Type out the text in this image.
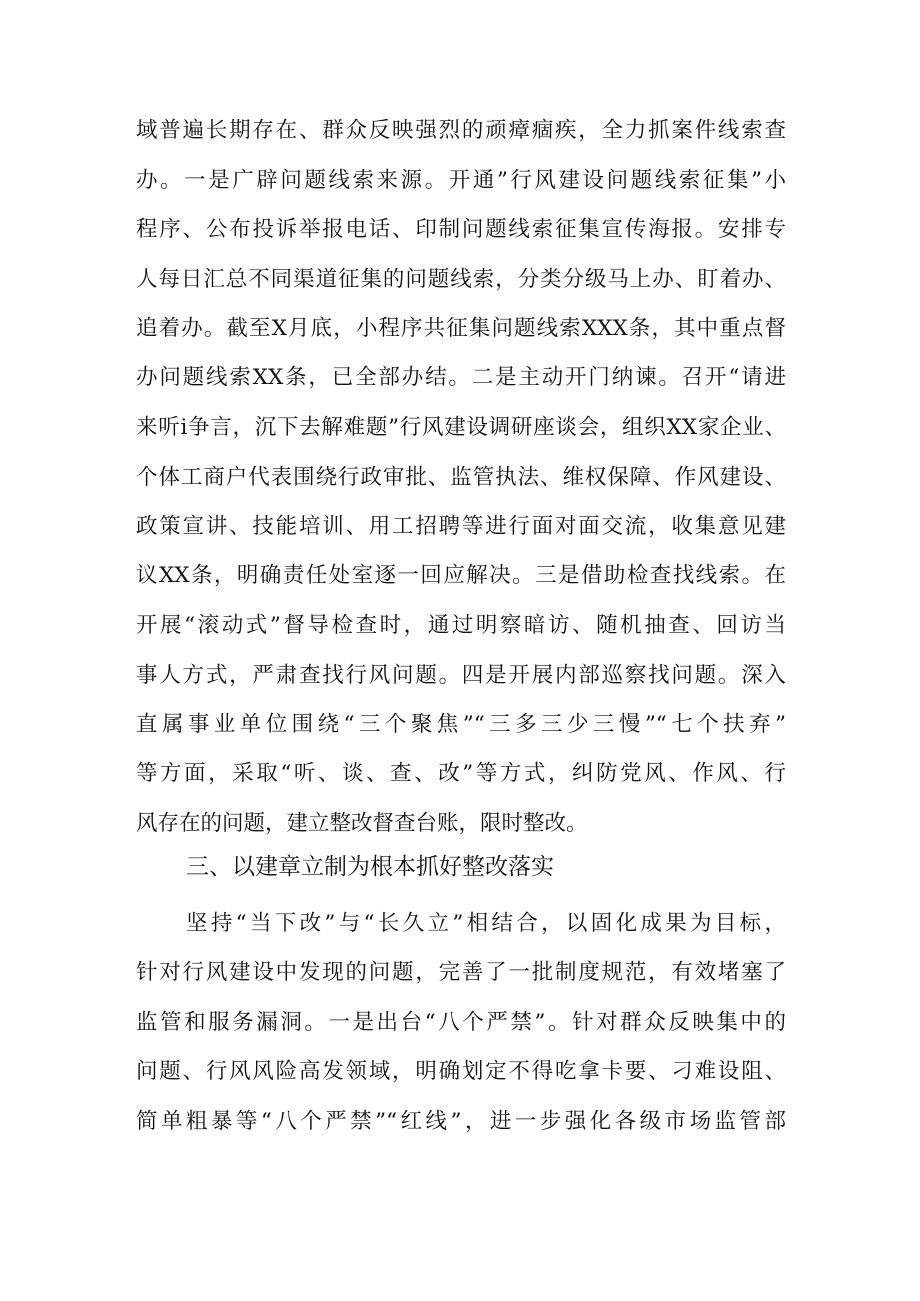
域普遍长期存在、群众反映强烈的顽瘴痼疾，全力抓案件线索查
办。一是广辟问题线索来源。开通”行风建设问题线索征集”小
程序、公布投诉举报电话、印制问题线索征集宣传海报。安排专
人每日汇总不同渠道征集的问题线索，分类分级马上办、盯着办、
追着办。截至X月底，小程序共征集问题线索XXX条，其中重点督
办问题线索XX条，已全部办结。二是主动开门纳谏。召开“请进
来听i争言，沉下去解难题”行风建设调研座谈会，组织XX家企业、
个体工商户代表围绕行政审批、监管执法、维权保障、作风建设、
政策宣讲、技能培训、用工招聘等进行面对面交流，收集意见建
议XX条，明确责任处室逐一回应解决。三是借助检查找线索。在
开展“滚动式”督导检查时，通过明察暗访、随机抽查、回访当
事人方式，严肃查找行风问题。四是开展内部巡察找问题。深入
直属事业单位围绕“三个聚焦”“三多三少三慢”“七个扶弃”
等方面，采取“听、谈、查、改”等方式，纠防党风、作风、行
风存在的问题，建立整改督查台账，限时整改。
三、以建章立制为根本抓好整改落实
坚持“当下改”与“长久立”相结合，以固化成果为目标，
针对行风建设中发现的问题，完善了一批制度规范，有效堵塞了
监管和服务漏洞。一是出台“八个严禁”。针对群众反映集中的
问题、行风风险高发领域，明确划定不得吃拿卡要、刁难设阻、
简单粗暴等“八个严禁”“红线”，进一步强化各级市场监管部
